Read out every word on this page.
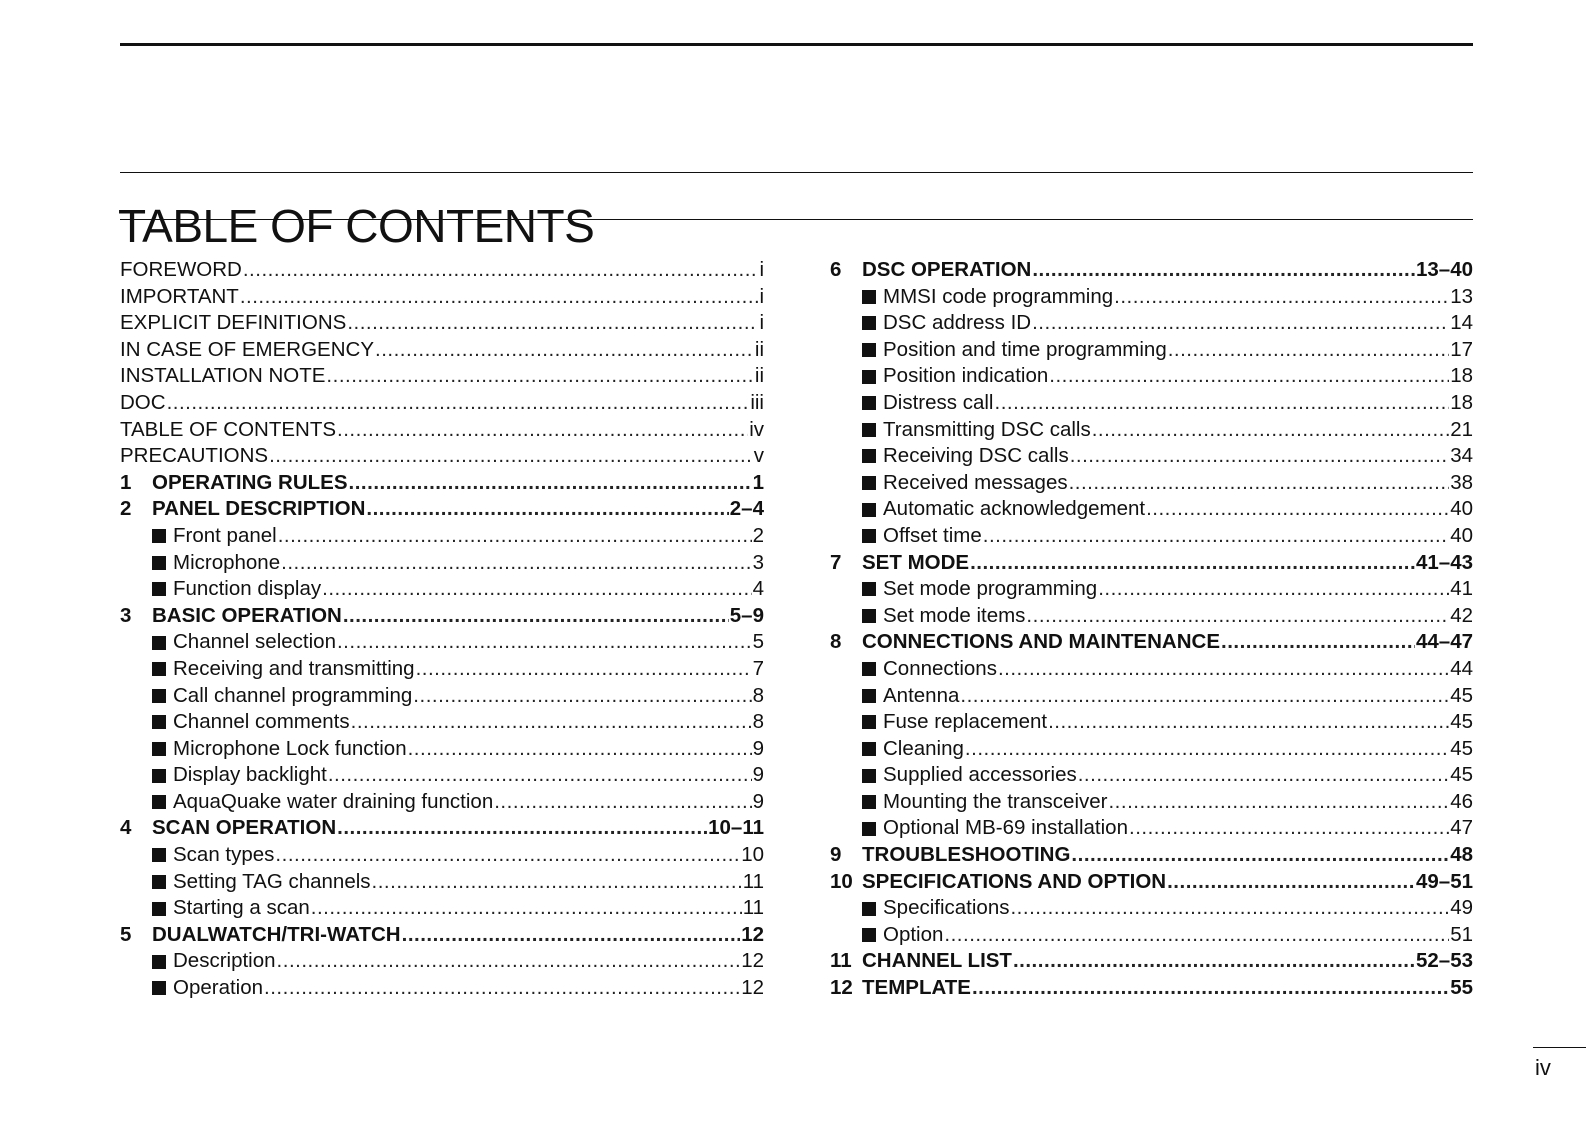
TABLE OF CONTENTS
FOREWORD .....	i
IMPORTANT .....	i
EXPLICIT DEFINITIONS .....	i
IN CASE OF EMERGENCY .....	ii
INSTALLATION NOTE .....	ii
DOC .....	iii
TABLE OF CONTENTS .....	iv
PRECAUTIONS .....	v
1	OPERATING RULES .....	1
2	PANEL DESCRIPTION .....	2–4
Front panel .....	2
Microphone .....	3
Function display .....	4
3	BASIC OPERATION .....	5–9
Channel selection .....	5
Receiving and transmitting .....	7
Call channel programming .....	8
Channel comments .....	8
Microphone Lock function .....	9
Display backlight .....	9
AquaQuake water draining function .....	9
4	SCAN OPERATION .....	10–11
Scan types .....	10
Setting TAG channels .....	11
Starting a scan .....	11
5	DUALWATCH/TRI-WATCH .....	12
Description .....	12
Operation .....	12
6	DSC OPERATION .....	13–40
MMSI code programming .....	13
DSC address ID .....	14
Position and time programming .....	17
Position indication .....	18
Distress call .....	18
Transmitting DSC calls .....	21
Receiving DSC calls .....	34
Received messages .....	38
Automatic acknowledgement .....	40
Offset time .....	40
7	SET MODE .....	41–43
Set mode programming .....	41
Set mode items .....	42
8	CONNECTIONS AND MAINTENANCE .....	44–47
Connections .....	44
Antenna .....	45
Fuse replacement .....	45
Cleaning .....	45
Supplied accessories .....	45
Mounting the transceiver .....	46
Optional MB-69 installation .....	47
9	TROUBLESHOOTING .....	48
10 SPECIFICATIONS AND OPTION .....	49–51
Specifications .....	49
Option .....	51
11 CHANNEL LIST .....	52–53
12 TEMPLATE .....	55
iv
